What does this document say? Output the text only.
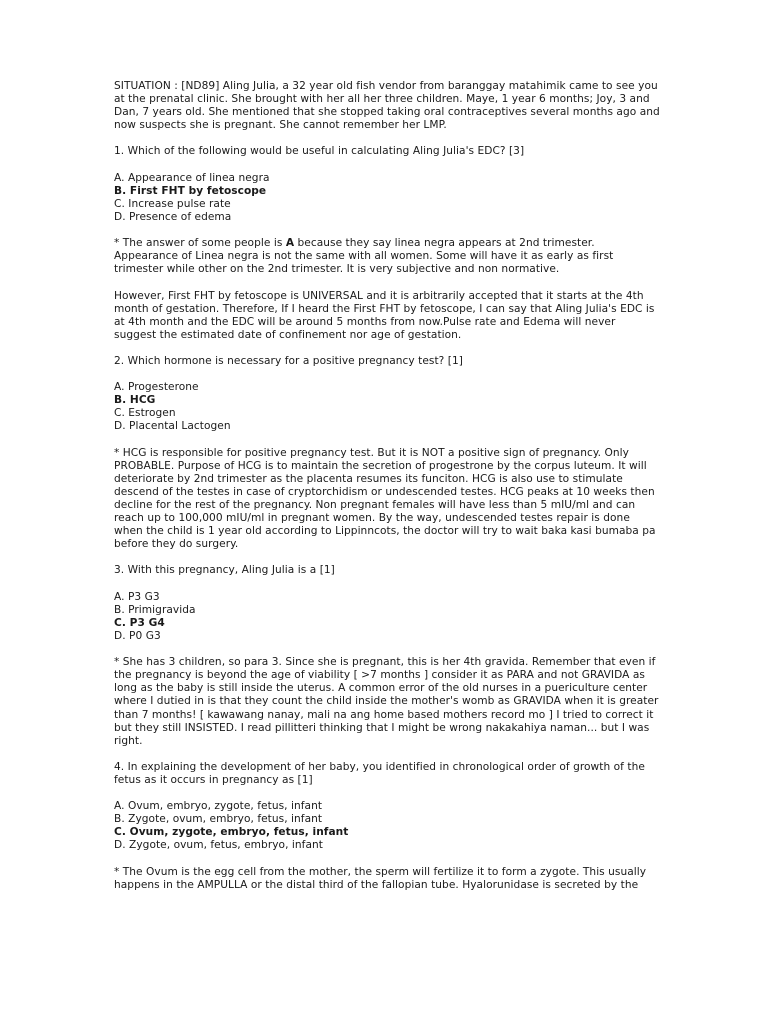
SITUATION : [ND89] Aling Julia, a 32 year old fish vendor from baranggay matahimik came to see you at the prenatal clinic. She brought with her all her three children. Maye, 1 year 6 months; Joy, 3 and Dan, 7 years old. She mentioned that she stopped taking oral contraceptives several months ago and now suspects she is pregnant. She cannot remember her LMP.

1. Which of the following would be useful in calculating Aling Julia's EDC? [3]

A. Appearance of linea negra
B. First FHT by fetoscope
C. Increase pulse rate
D. Presence of edema

* The answer of some people is A because they say linea negra appears at 2nd trimester. Appearance of Linea negra is not the same with all women. Some will have it as early as first trimester while other on the 2nd trimester. It is very subjective and non normative.

However, First FHT by fetoscope is UNIVERSAL and it is arbitrarily accepted that it starts at the 4th month of gestation. Therefore, If I heard the First FHT by fetoscope, I can say that Aling Julia's EDC is at 4th month and the EDC will be around 5 months from now.Pulse rate and Edema will never suggest the estimated date of confinement nor age of gestation.

2. Which hormone is necessary for a positive pregnancy test? [1]

A. Progesterone
B. HCG
C. Estrogen
D. Placental Lactogen

* HCG is responsible for positive pregnancy test. But it is NOT a positive sign of pregnancy. Only PROBABLE. Purpose of HCG is to maintain the secretion of progestrone by the corpus luteum. It will deteriorate by 2nd trimester as the placenta resumes its funciton. HCG is also use to stimulate descend of the testes in case of cryptorchidism or undescended testes. HCG peaks at 10 weeks then decline for the rest of the pregnancy. Non pregnant females will have less than 5 mIU/ml and can reach up to 100,000 mIU/ml in pregnant women. By the way, undescended testes repair is done when the child is 1 year old according to Lippinncots, the doctor will try to wait baka kasi bumaba pa before they do surgery.

3. With this pregnancy, Aling Julia is a [1]

A. P3 G3
B. Primigravida
C. P3 G4
D. P0 G3

* She has 3 children, so para 3. Since she is pregnant, this is her 4th gravida. Remember that even if the pregnancy is beyond the age of viability [ >7 months ] consider it as PARA and not GRAVIDA as long as the baby is still inside the uterus. A common error of the old nurses in a puericulture center where I dutied in is that they count the child inside the mother's womb as GRAVIDA when it is greater than 7 months! [ kawawang nanay, mali na ang home based mothers record mo ] I tried to correct it but they still INSISTED. I read pillitteri thinking that I might be wrong nakakahiya naman... but I was right.

4. In explaining the development of her baby, you identified in chronological order of growth of the fetus as it occurs in pregnancy as [1]

A. Ovum, embryo, zygote, fetus, infant
B. Zygote, ovum, embryo, fetus, infant
C. Ovum, zygote, embryo, fetus, infant
D. Zygote, ovum, fetus, embryo, infant

* The Ovum is the egg cell from the mother, the sperm will fertilize it to form a zygote. This usually happens in the AMPULLA or the distal third of the fallopian tube. Hyalorunidase is secreted by the
